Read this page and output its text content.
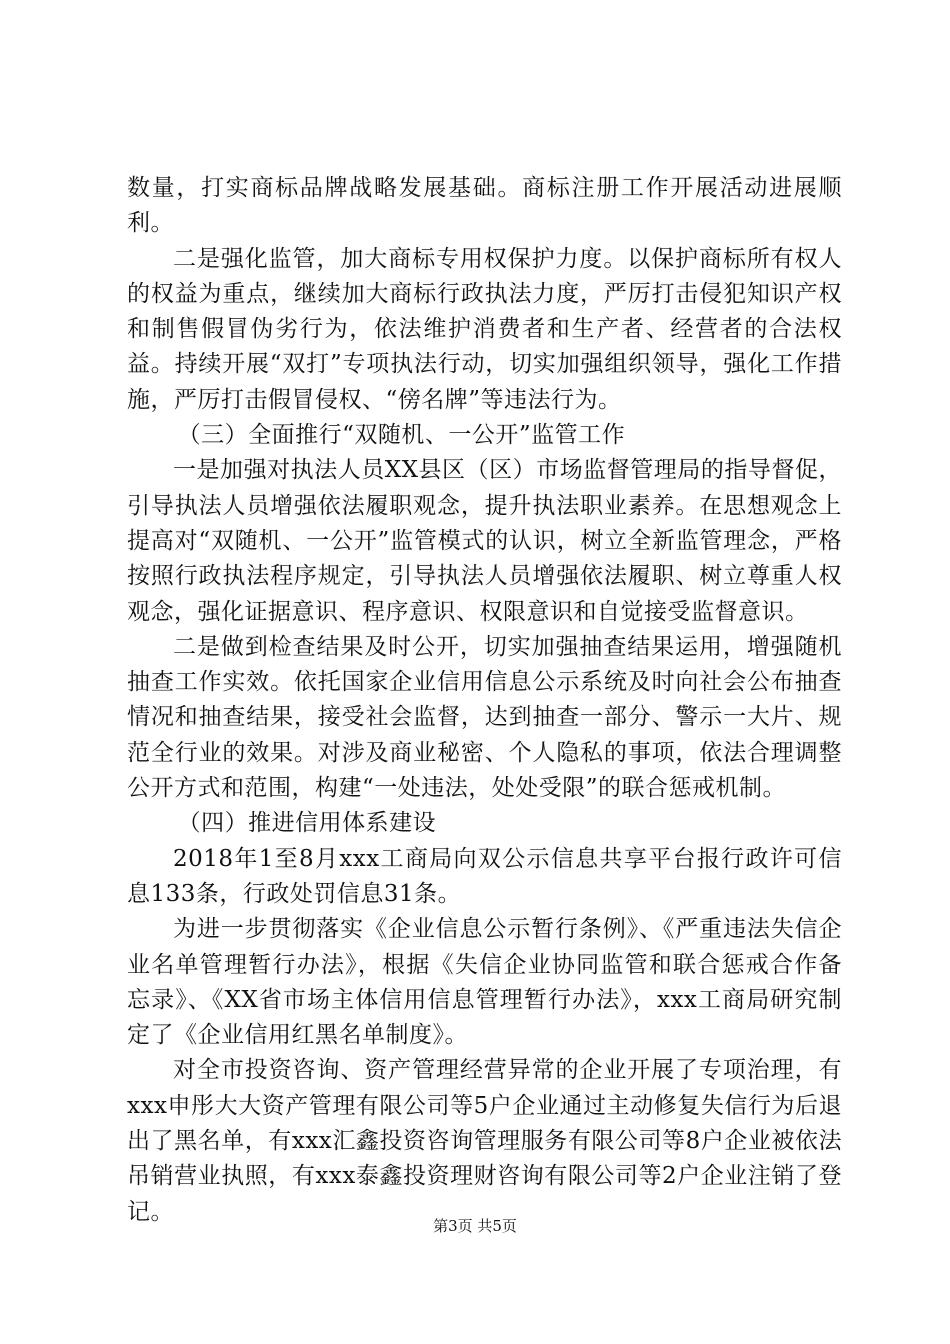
数量，打实商标品牌战略发展基础。商标注册工作开展活动进展顺利。

二是强化监管，加大商标专用权保护力度。以保护商标所有权人的权益为重点，继续加大商标行政执法力度，严厉打击侵犯知识产权和制售假冒伪劣行为，依法维护消费者和生产者、经营者的合法权益。持续开展“双打”专项执法行动，切实加强组织领导，强化工作措施，严厉打击假冒侵权、“傍名牌”等违法行为。

（三）全面推行“双随机、一公开”监管工作

一是加强对执法人员XX县区（区）市场监督管理局的指导督促，引导执法人员增强依法履职观念，提升执法职业素养。在思想观念上提高对“双随机、一公开”监管模式的认识，树立全新监管理念，严格按照行政执法程序规定，引导执法人员增强依法履职、树立尊重人权观念，强化证据意识、程序意识、权限意识和自觉接受监督意识。

二是做到检查结果及时公开，切实加强抽查结果运用，增强随机抽查工作实效。依托国家企业信用信息公示系统及时向社会公布抽查情况和抽查结果，接受社会监督，达到抽查一部分、警示一大片、规范全行业的效果。对涉及商业秘密、个人隐私的事项，依法合理调整公开方式和范围，构建“一处违法，处处受限”的联合惩戒机制。

（四）推进信用体系建设

2018年1至8月xxx工商局向双公示信息共享平台报行政许可信息133条，行政处罚信息31条。

为进一步贯彻落实《企业信息公示暂行条例》、《严重违法失信企业名单管理暂行办法》，根据《失信企业协同监管和联合惩戒合作备忘录》、《XX省市场主体信用信息管理暂行办法》，xxx工商局研究制定了《企业信用红黑名单制度》。

对全市投资咨询、资产管理经营异常的企业开展了专项治理，有xxx申彤大大资产管理有限公司等5户企业通过主动修复失信行为后退出了黑名单，有xxx汇鑫投资咨询管理服务有限公司等8户企业被依法吊销营业执照，有xxx泰鑫投资理财咨询有限公司等2户企业注销了登记。

第3页 共5页
